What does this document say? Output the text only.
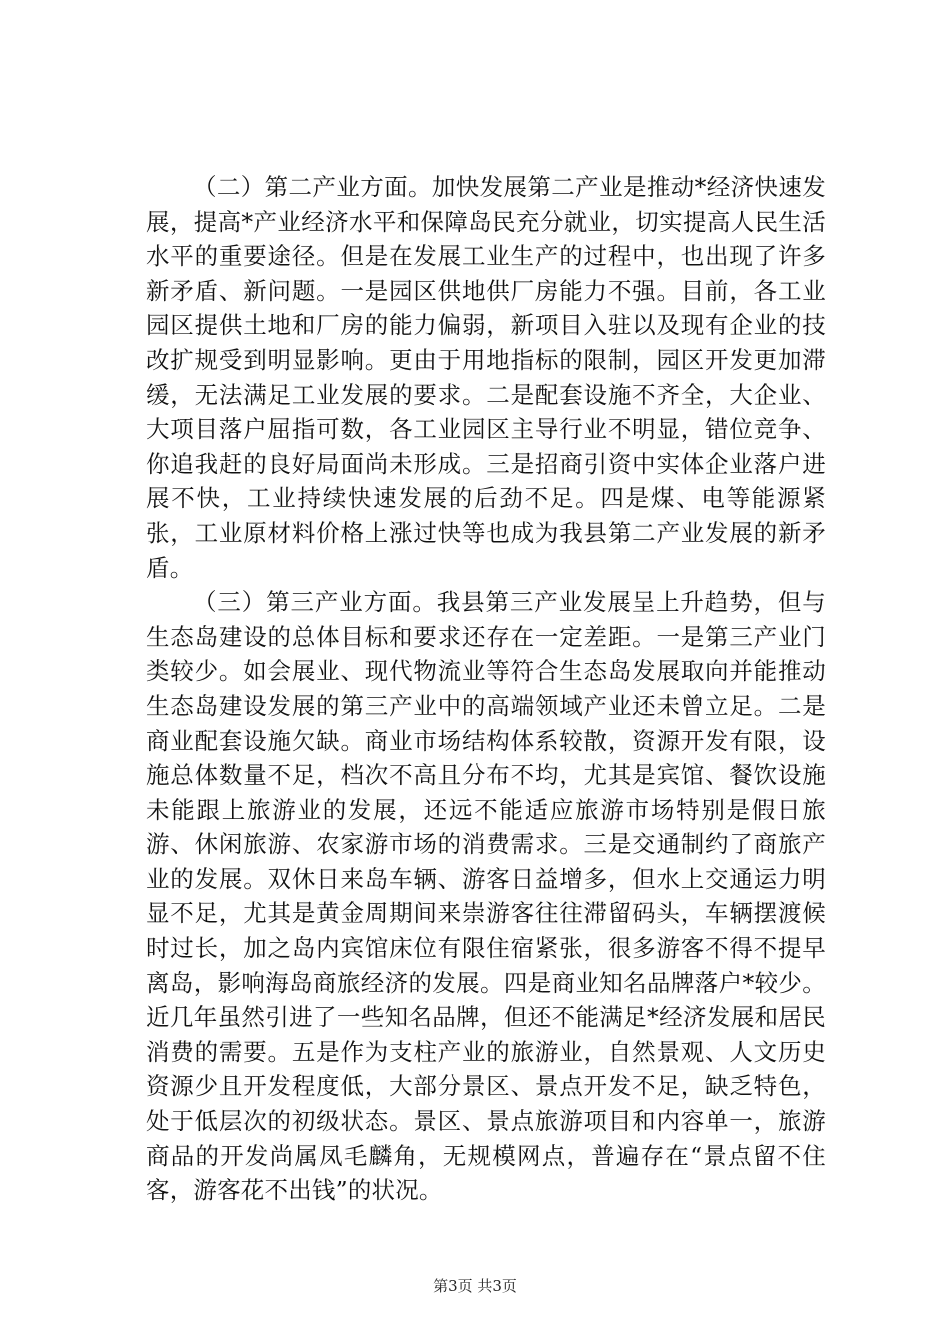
（二）第二产业方面。加快发展第二产业是推动*经济快速发展，提高*产业经济水平和保障岛民充分就业，切实提高人民生活水平的重要途径。但是在发展工业生产的过程中，也出现了许多新矛盾、新问题。一是园区供地供厂房能力不强。目前，各工业园区提供土地和厂房的能力偏弱，新项目入驻以及现有企业的技改扩规受到明显影响。更由于用地指标的限制，园区开发更加滞缓，无法满足工业发展的要求。二是配套设施不齐全，大企业、大项目落户屈指可数，各工业园区主导行业不明显，错位竞争、你追我赶的良好局面尚未形成。三是招商引资中实体企业落户进展不快，工业持续快速发展的后劲不足。四是煤、电等能源紧张，工业原材料价格上涨过快等也成为我县第二产业发展的新矛盾。

（三）第三产业方面。我县第三产业发展呈上升趋势，但与生态岛建设的总体目标和要求还存在一定差距。一是第三产业门类较少。如会展业、现代物流业等符合生态岛发展取向并能推动生态岛建设发展的第三产业中的高端领域产业还未曾立足。二是商业配套设施欠缺。商业市场结构体系较散，资源开发有限，设施总体数量不足，档次不高且分布不均，尤其是宾馆、餐饮设施未能跟上旅游业的发展，还远不能适应旅游市场特别是假日旅游、休闲旅游、农家游市场的消费需求。三是交通制约了商旅产业的发展。双休日来岛车辆、游客日益增多，但水上交通运力明显不足，尤其是黄金周期间来崇游客往往滞留码头，车辆摆渡候时过长，加之岛内宾馆床位有限住宿紧张，很多游客不得不提早离岛，影响海岛商旅经济的发展。四是商业知名品牌落户*较少。近几年虽然引进了一些知名品牌，但还不能满足*经济发展和居民消费的需要。五是作为支柱产业的旅游业，自然景观、人文历史资源少且开发程度低，大部分景区、景点开发不足，缺乏特色，处于低层次的初级状态。景区、景点旅游项目和内容单一，旅游商品的开发尚属凤毛麟角，无规模网点，普遍存在“景点留不住客，游客花不出钱”的状况。

第3页 共3页
